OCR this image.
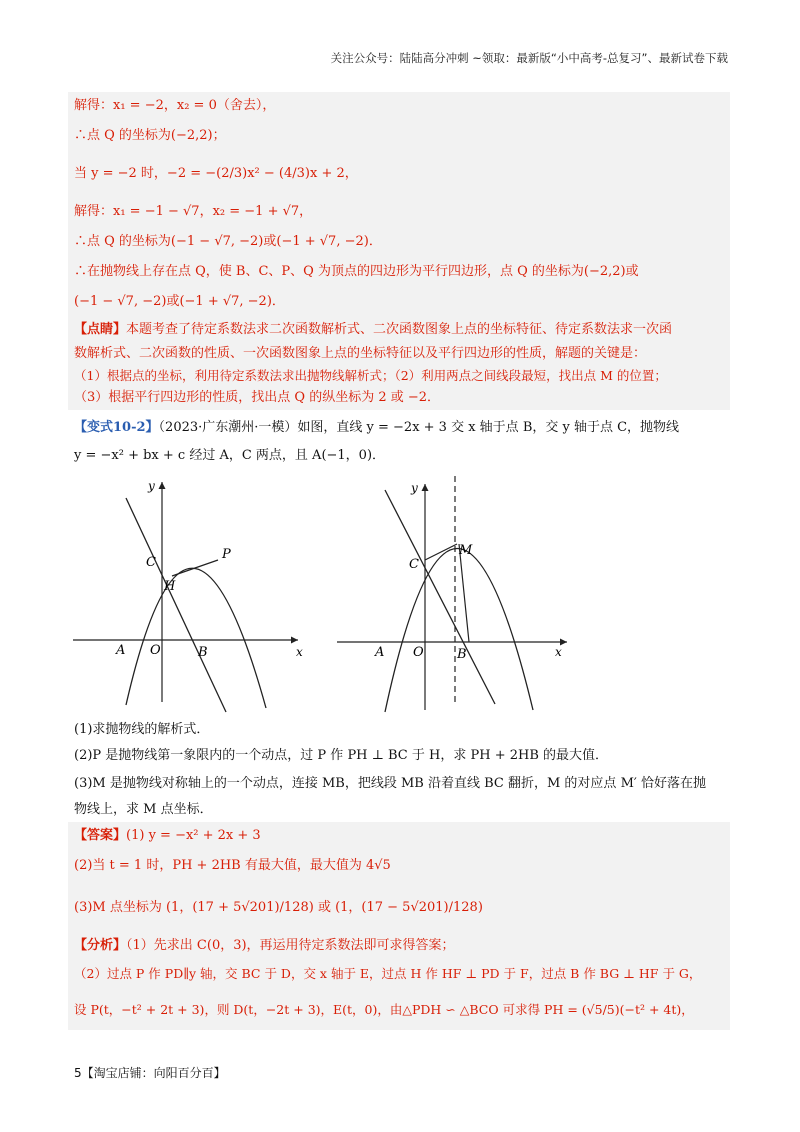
关注公众号：陆陆高分冲刺 ~领取：最新版“小中高考-总复习”、最新试卷下载
解得：x₁ = −2，x₂ = 0（舍去），
∴点 Q 的坐标为(−2,2)；
当 y = −2 时，−2 = −(2/3)x² − (4/3)x + 2，
解得：x₁ = −1 − √7，x₂ = −1 + √7，
∴点 Q 的坐标为(−1 − √7, −2)或(−1 + √7, −2)．
∴在抛物线上存在点 Q，使 B、C、P、Q 为顶点的四边形为平行四边形，点 Q 的坐标为(−2,2)或
(−1 − √7, −2)或(−1 + √7, −2)．
【点睛】本题考查了待定系数法求二次函数解析式、二次函数图象上点的坐标特征、待定系数法求一次函
数解析式、二次函数的性质、一次函数图象上点的坐标特征以及平行四边形的性质，解题的关键是：
（1）根据点的坐标，利用待定系数法求出抛物线解析式；（2）利用两点之间线段最短，找出点 M 的位置；
（3）根据平行四边形的性质，找出点 Q 的纵坐标为 2 或 −2．
【变式10-2】（2023·广东潮州·一模）如图，直线 y = −2x + 3 交 x 轴于点 B，交 y 轴于点 C，抛物线
y = −x² + bx + c 经过 A，C 两点，且 A(−1，0)．
y
x
C
P
H
A O	B
y
x
C
M
A O	B
(1)求抛物线的解析式．
(2)P 是抛物线第一象限内的一个动点，过 P 作 PH ⊥ BC 于 H，求 PH + 2HB 的最大值．
(3)M 是抛物线对称轴上的一个动点，连接 MB，把线段 MB 沿着直线 BC 翻折，M 的对应点 M′ 恰好落在抛
物线上，求 M 点坐标．
【答案】(1) y = −x² + 2x + 3
(2)当 t = 1 时，PH + 2HB 有最大值，最大值为 4√5
(3)M 点坐标为 (1，(17 + 5√201)/128) 或 (1，(17 − 5√201)/128)
【分析】（1）先求出 C(0，3)，再运用待定系数法即可求得答案；
（2）过点 P 作 PD∥y 轴，交 BC 于 D，交 x 轴于 E，过点 H 作 HF ⊥ PD 于 F，过点 B 作 BG ⊥ HF 于 G，
设 P(t，−t² + 2t + 3)，则 D(t，−2t + 3)，E(t，0)，由△PDH ∽ △BCO 可求得 PH = (√5/5)(−t² + 4t)，
5【淘宝店铺：向阳百分百】
